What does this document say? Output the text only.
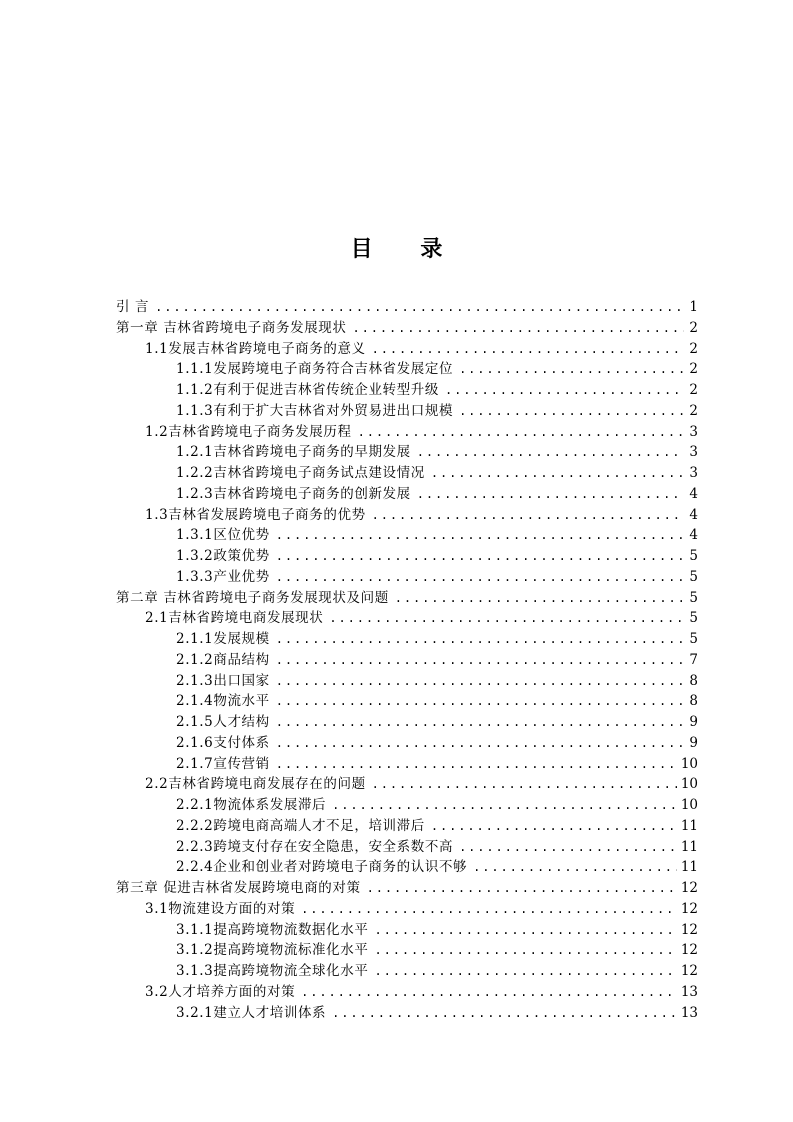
目 录
引 言 .....	1
第一章 吉林省跨境电子商务发展现状 .....	2
1.1发展吉林省跨境电子商务的意义 .....	2
1.1.1发展跨境电子商务符合吉林省发展定位 .....	2
1.1.2有利于促进吉林省传统企业转型升级 .....	2
1.1.3有利于扩大吉林省对外贸易进出口规模 .....	2
1.2吉林省跨境电子商务发展历程 .....	3
1.2.1吉林省跨境电子商务的早期发展 .....	3
1.2.2吉林省跨境电子商务试点建设情况 .....	3
1.2.3吉林省跨境电子商务的创新发展 .....	4
1.3吉林省发展跨境电子商务的优势 .....	4
1.3.1区位优势 .....	4
1.3.2政策优势 .....	5
1.3.3产业优势 .....	5
第二章 吉林省跨境电子商务发展现状及问题 .....	5
2.1吉林省跨境电商发展现状 .....	5
2.1.1发展规模 .....	5
2.1.2商品结构 .....	7
2.1.3出口国家 .....	8
2.1.4物流水平 .....	8
2.1.5人才结构 .....	9
2.1.6支付体系 .....	9
2.1.7宣传营销 .....	10
2.2吉林省跨境电商发展存在的问题 .....	10
2.2.1物流体系发展滞后 .....	10
2.2.2跨境电商高端人才不足，培训滞后 .....	11
2.2.3跨境支付存在安全隐患，安全系数不高 .....	11
2.2.4企业和创业者对跨境电子商务的认识不够 .....	11
第三章 促进吉林省发展跨境电商的对策 .....	12
3.1物流建设方面的对策 .....	12
3.1.1提高跨境物流数据化水平 .....	12
3.1.2提高跨境物流标准化水平 .....	12
3.1.3提高跨境物流全球化水平 .....	12
3.2人才培养方面的对策 .....	13
3.2.1建立人才培训体系 .....	13
